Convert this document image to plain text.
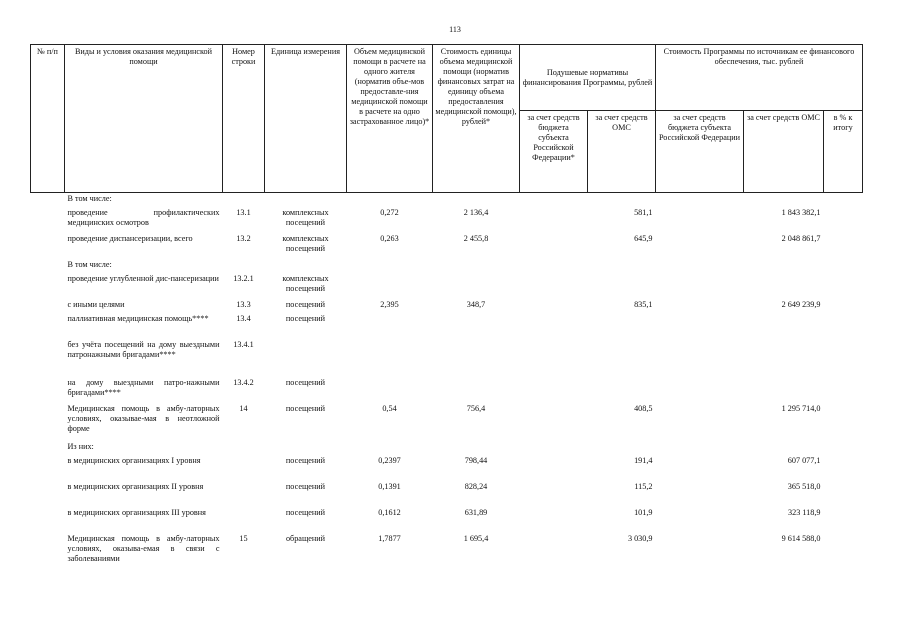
113
№ п/п	Виды и условия оказания медицинской помощи	Номер строки	Единица измерения	Объем медицинской помощи в расчете на одного жителя (норматив объе-мов предоставле-ния медицинской помощи в расчете на одно застрахованное лицо)*	Стоимость единицы объема медицинской помощи (норматив финансовых затрат на единицу объема предоставления медицинской помощи), рублей*	Подушевые нормативы финансирования Программы, рублей		Стоимость Программы по источникам ее финансового обеспечения, тыс. рублей		
						за счет средств бюджета субъекта Российской Федерации*	за счет средств ОМС	за счет средств бюджета субъекта Российской Федерации	за счет средств ОМС	в % к итогу
	В том числе:									
	проведение профилактических медицинских осмотров	13.1	комплексных посещений	0,272	2 136,4		581,1		1 843 382,1	
	проведение диспансеризации, всего	13.2	комплексных посещений	0,263	2 455,8		645,9		2 048 861,7	
	В том числе:									
	проведение углубленной дис-пансеризации	13.2.1	комплексных посещений							
	с иными целями	13.3	посещений	2,395	348,7		835,1		2 649 239,9	
	паллиативная медицинская помощь****	13.4	посещений							
	без учёта посещений на дому выездными патронажными бригадами****	13.4.1								
	на дому выездными патро-нажными бригадами****	13.4.2	посещений							
	Медицинская помощь в амбу-латорных условиях, оказывае-мая в неотложной форме	14	посещений	0,54	756,4		408,5		1 295 714,0	
	Из них:									
	в медицинских организациях I уровня		посещений	0,2397	798,44		191,4		607 077,1	
	в медицинских организациях II уровня		посещений	0,1391	828,24		115,2		365 518,0	
	в медицинских организациях III уровня		посещений	0,1612	631,89		101,9		323 118,9	
	Медицинская помощь в амбу-латорных условиях, оказыва-емая в связи с заболеваниями	15	обращений	1,7877	1 695,4		3 030,9		9 614 588,0	
